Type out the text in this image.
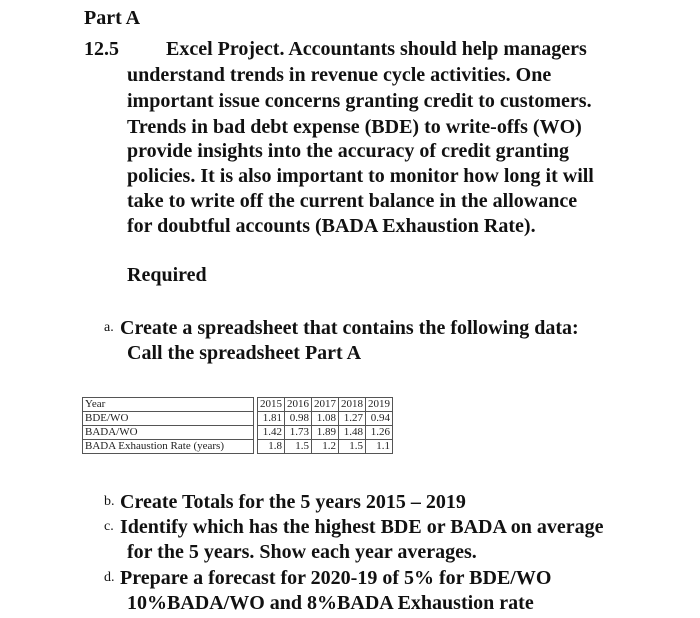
Part A
12.5 Excel Project. Accountants should help managers
understand trends in revenue cycle activities. One
important issue concerns granting credit to customers.
Trends in bad debt expense (BDE) to write-offs (WO)
provide insights into the accuracy of credit granting
policies. It is also important to monitor how long it will
take to write off the current balance in the allowance
for doubtful accounts (BADA Exhaustion Rate).
Required
a. Create a spreadsheet that contains the following data:
Call the spreadsheet Part A
Year		2015	2016	2017	2018	2019
BDE/WO		1.81	0.98	1.08	1.27	0.94
BADA/WO		1.42	1.73	1.89	1.48	1.26
BADA Exhaustion Rate (years)		1.8	1.5	1.2	1.5	1.1
b. Create Totals for the 5 years 2015 – 2019
c. Identify which has the highest BDE or BADA on average
for the 5 years. Show each year averages.
d. Prepare a forecast for 2020-19 of 5% for BDE/WO
10%BADA/WO and 8%BADA Exhaustion rate
